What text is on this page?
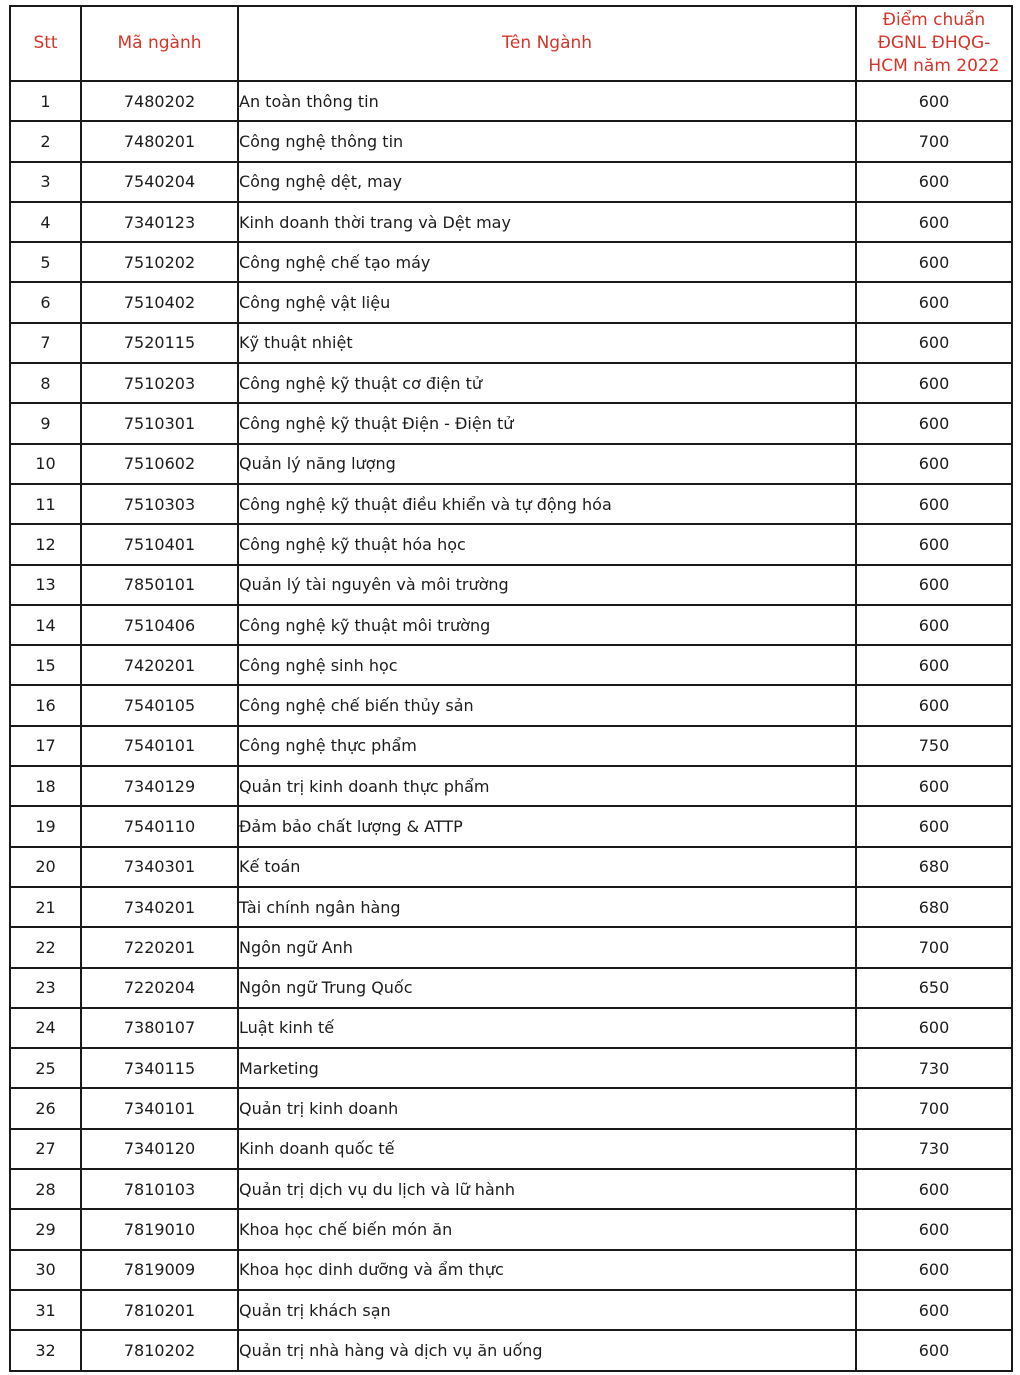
Stt	Mã ngành	Tên Ngành	Điểm chuẩn
ĐGNL ĐHQG-
HCM năm 2022

1	7480202	An toàn thông tin	600
2	7480201	Công nghệ thông tin	700
3	7540204	Công nghệ dệt, may	600
4	7340123	Kinh doanh thời trang và Dệt may	600
5	7510202	Công nghệ chế tạo máy	600
6	7510402	Công nghệ vật liệu	600
7	7520115	Kỹ thuật nhiệt	600
8	7510203	Công nghệ kỹ thuật cơ điện tử	600
9	7510301	Công nghệ kỹ thuật Điện - Điện tử	600
10	7510602	Quản lý năng lượng	600
11	7510303	Công nghệ kỹ thuật điều khiển và tự động hóa	600
12	7510401	Công nghệ kỹ thuật hóa học	600
13	7850101	Quản lý tài nguyên và môi trường	600
14	7510406	Công nghệ kỹ thuật môi trường	600
15	7420201	Công nghệ sinh học	600
16	7540105	Công nghệ chế biến thủy sản	600
17	7540101	Công nghệ thực phẩm	750
18	7340129	Quản trị kinh doanh thực phẩm	600
19	7540110	Đảm bảo chất lượng & ATTP	600
20	7340301	Kế toán	680
21	7340201	Tài chính ngân hàng	680
22	7220201	Ngôn ngữ Anh	700
23	7220204	Ngôn ngữ Trung Quốc	650
24	7380107	Luật kinh tế	600
25	7340115	Marketing	730
26	7340101	Quản trị kinh doanh	700
27	7340120	Kinh doanh quốc tế	730
28	7810103	Quản trị dịch vụ du lịch và lữ hành	600
29	7819010	Khoa học chế biến món ăn	600
30	7819009	Khoa học dinh dưỡng và ẩm thực	600
31	7810201	Quản trị khách sạn	600
32	7810202	Quản trị nhà hàng và dịch vụ ăn uống	600
